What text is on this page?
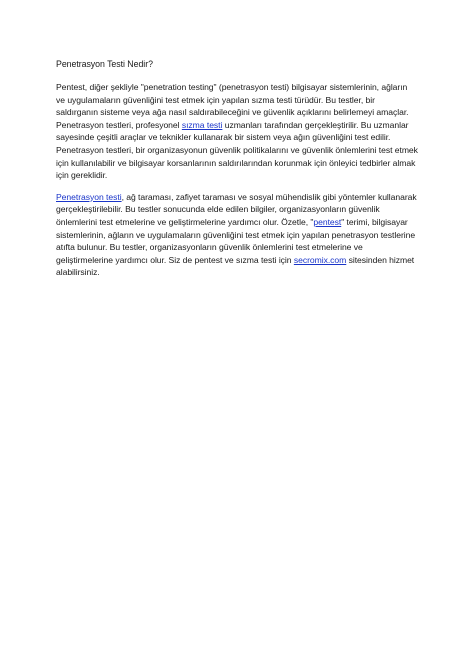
Penetrasyon Testi Nedir?

Pentest, diğer şekliyle "penetration testing" (penetrasyon testi) bilgisayar sistemlerinin, ağların ve uygulamaların güvenliğini test etmek için yapılan sızma testi türüdür. Bu testler, bir saldırganın sisteme veya ağa nasıl saldırabileceğini ve güvenlik açıklarını belirlemeyi amaçlar. Penetrasyon testleri, profesyonel sızma testi uzmanları tarafından gerçekleştirilir. Bu uzmanlar sayesinde çeşitli araçlar ve teknikler kullanarak bir sistem veya ağın güvenliğini test edilir. Penetrasyon testleri, bir organizasyonun güvenlik politikalarını ve güvenlik önlemlerini test etmek için kullanılabilir ve bilgisayar korsanlarının saldırılarından korunmak için önleyici tedbirler almak için gereklidir.

Penetrasyon testi, ağ taraması, zafiyet taraması ve sosyal mühendislik gibi yöntemler kullanarak gerçekleştirilebilir. Bu testler sonucunda elde edilen bilgiler, organizasyonların güvenlik önlemlerini test etmelerine ve geliştirmelerine yardımcı olur. Özetle, "pentest" terimi, bilgisayar sistemlerinin, ağların ve uygulamaların güvenliğini test etmek için yapılan penetrasyon testlerine atıfta bulunur. Bu testler, organizasyonların güvenlik önlemlerini test etmelerine ve geliştirmelerine yardımcı olur. Siz de pentest ve sızma testi için secromix.com sitesinden hizmet alabilirsiniz.
